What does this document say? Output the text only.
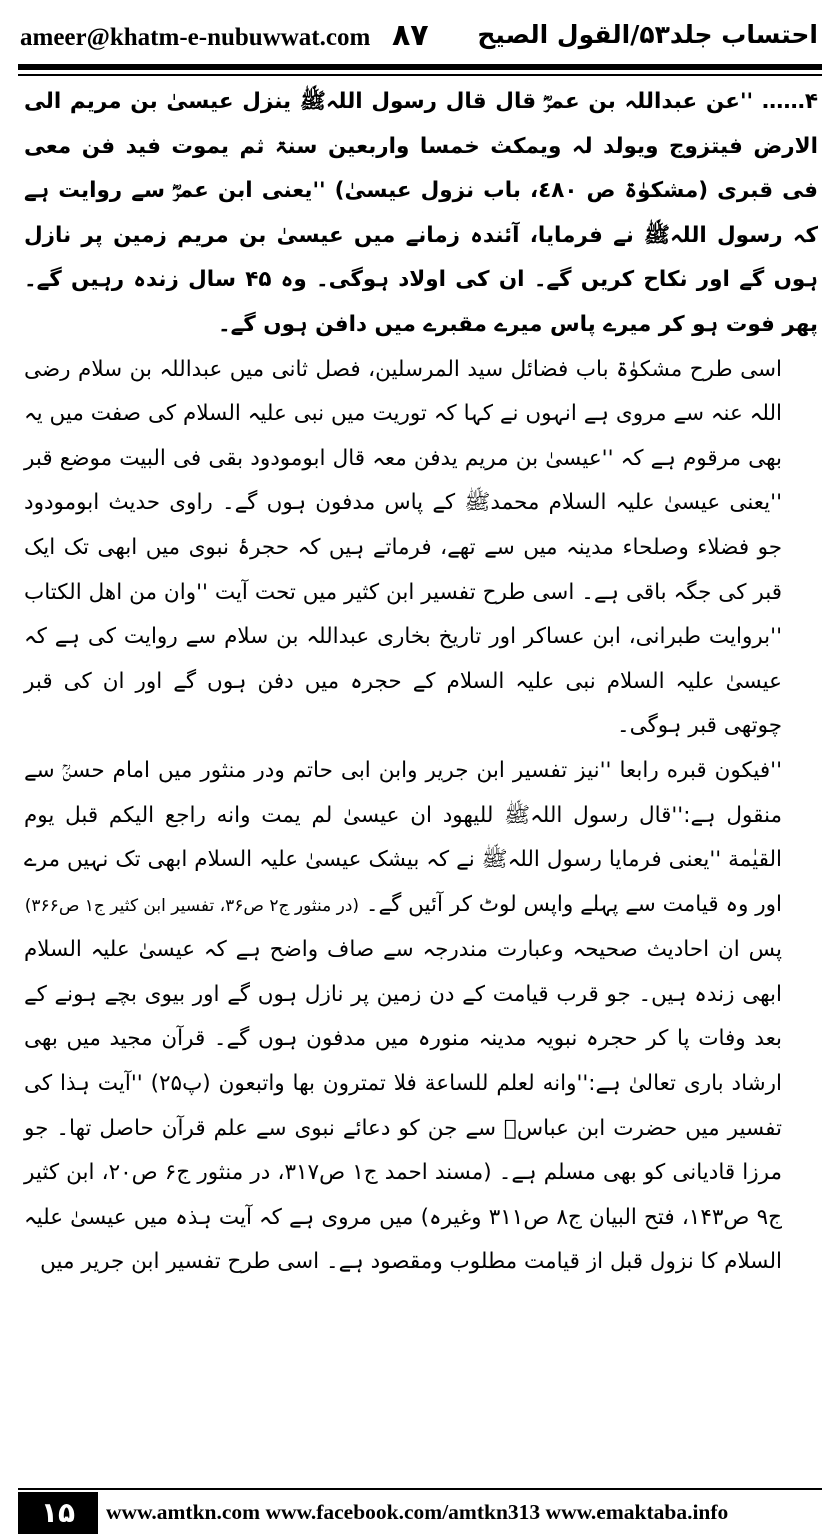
ameer@khatm-e-nubuwwat.com ۸۷ احتساب جلد۵۳/القول الصیح

۴…… ''عن عبداللہ بن عمرؓ قال قال رسول اللہﷺ ینزل عیسیٰ بن مریم الی الارض فیتزوج ویولد لہ ویمکث خمسا واربعین سنۃ ثم یموت فید فن معی فی قبری (مشکوٰۃ ص ٤٨٠، باب نزول عیسیٰ) ''یعنی ابن عمرؓ سے روایت ہے کہ رسول اللہﷺ نے فرمایا، آئندہ زمانے میں عیسیٰ بن مریم زمین پر نازل ہوں گے اور نکاح کریں گے۔ ان کی اولاد ہوگی۔ وہ ۴۵ سال زندہ رہیں گے۔ پھر فوت ہو کر میرے پاس میرے مقبرے میں دافن ہوں گے۔

اسی طرح مشکوٰۃ باب فضائل سید المرسلین، فصل ثانی میں عبداللہ بن سلام رضی اللہ عنہ سے مروی ہے انہوں نے کہا کہ توریت میں نبی علیہ السلام کی صفت میں یہ بھی مرقوم ہے کہ ''عیسیٰ بن مریم یدفن معہ قال ابومودود بقی فی البیت موضع قبر ''یعنی عیسیٰ علیہ السلام محمدﷺ کے پاس مدفون ہوں گے۔ راوی حدیث ابومودود جو فضلاء وصلحاء مدینہ میں سے تھے، فرماتے ہیں کہ حجرۂ نبوی میں ابھی تک ایک قبر کی جگہ باقی ہے۔ اسی طرح تفسیر ابن کثیر میں تحت آیت ''وان من اهل الکتاب ''بروایت طبرانی، ابن عساکر اور تاریخ بخاری عبداللہ بن سلام سے روایت کی ہے کہ عیسیٰ علیہ السلام نبی علیہ السلام کے حجرہ میں دفن ہوں گے اور ان کی قبر چوتھی قبر ہوگی۔

''فیکون قبره رابعا ''نیز تفسیر ابن جریر وابن ابی حاتم ودر منثور میں امام حسنؒ سے منقول ہے:''قال رسول اللہﷺ للیهود ان عیسیٰ لم یمت وانه راجع الیکم قبل یوم القیٰمة ''یعنی فرمایا رسول اللہﷺ نے کہ بیشک عیسیٰ علیہ السلام ابھی تک نہیں مرے اور وہ قیامت سے پہلے واپس لوٹ کر آئیں گے۔ (در منثور ج۲ ص۳۶، تفسیر ابن کثیر ج۱ ص۳۶۶)

پس ان احادیث صحیحہ وعبارت مندرجہ سے صاف واضح ہے کہ عیسیٰ علیہ السلام ابھی زندہ ہیں۔ جو قرب قیامت کے دن زمین پر نازل ہوں گے اور بیوی بچے ہونے کے بعد وفات پا کر حجرہ نبویہ مدینہ منورہ میں مدفون ہوں گے۔ قرآن مجید میں بھی ارشاد باری تعالیٰ ہے:''وانه لعلم للساعة فلا تمترون بها واتبعون (پ۲۵) ''آیت ہذا کی تفسیر میں حضرت ابن عباسؓ سے جن کو دعائے نبوی سے علم قرآن حاصل تھا۔ جو مرزا قادیانی کو بھی مسلم ہے۔ (مسند احمد ج۱ ص۳۱۷، در منثور ج۶ ص۲۰، ابن کثیر ج۹ ص۱۴۳، فتح البیان ج۸ ص۳۱۱ وغیرہ) میں مروی ہے کہ آیت ہذہ میں عیسیٰ علیہ السلام کا نزول قبل از قیامت مطلوب ومقصود ہے۔ اسی طرح تفسیر ابن جریر میں

۱۵	www.amtkn.com www.facebook.com/amtkn313 www.emaktaba.info
